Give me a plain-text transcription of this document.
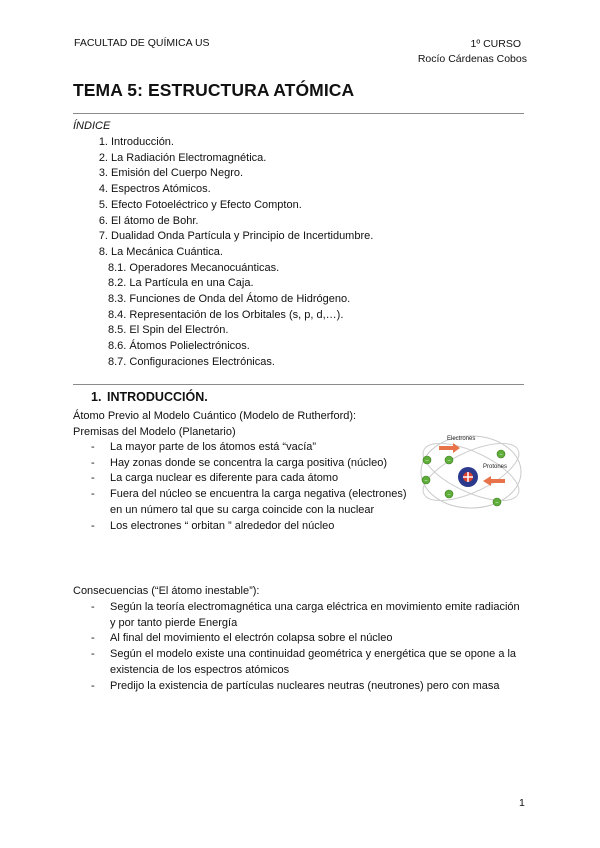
FACULTAD DE QUÍMICA US	1º CURSO
Rocío Cárdenas Cobos
TEMA 5: ESTRUCTURA ATÓMICA
ÍNDICE
1. Introducción.
2. La Radiación Electromagnética.
3. Emisión del Cuerpo Negro.
4. Espectros Atómicos.
5. Efecto Fotoeléctrico y Efecto Compton.
6. El átomo de Bohr.
7. Dualidad Onda Partícula y Principio de Incertidumbre.
8. La Mecánica Cuántica.
8.1. Operadores Mecanocuánticas.
8.2. La Partícula en una Caja.
8.3. Funciones de Onda del Átomo de Hidrógeno.
8.4. Representación de los Orbitales (s, p, d,…).
8.5. El Spin del Electrón.
8.6. Átomos Polielectrónicos.
8.7. Configuraciones Electrónicas.
1. INTRODUCCIÓN.
Átomo Previo al Modelo Cuántico (Modelo de Rutherford):
Premisas del Modelo (Planetario)
- La mayor parte de los átomos está “vacía”
- Hay zonas donde se concentra la carga positiva (núcleo)
- La carga nuclear es diferente para cada átomo
- Fuera del núcleo se encuentra la carga negativa (electrones) en un número tal que su carga coincide con la nuclear
- Los electrones “ orbitan ” alrededor del núcleo
Electrones
Protones
–	–
–
–
–
–
Consecuencias (“El átomo inestable”):
- Según la teoría electromagnética una carga eléctrica en movimiento emite radiación y por tanto pierde Energía
- Al final del movimiento el electrón colapsa sobre el núcleo
- Según el modelo existe una continuidad geométrica y energética que se opone a la existencia de los espectros atómicos
- Predijo la existencia de partículas nucleares neutras (neutrones) pero con masa
1
